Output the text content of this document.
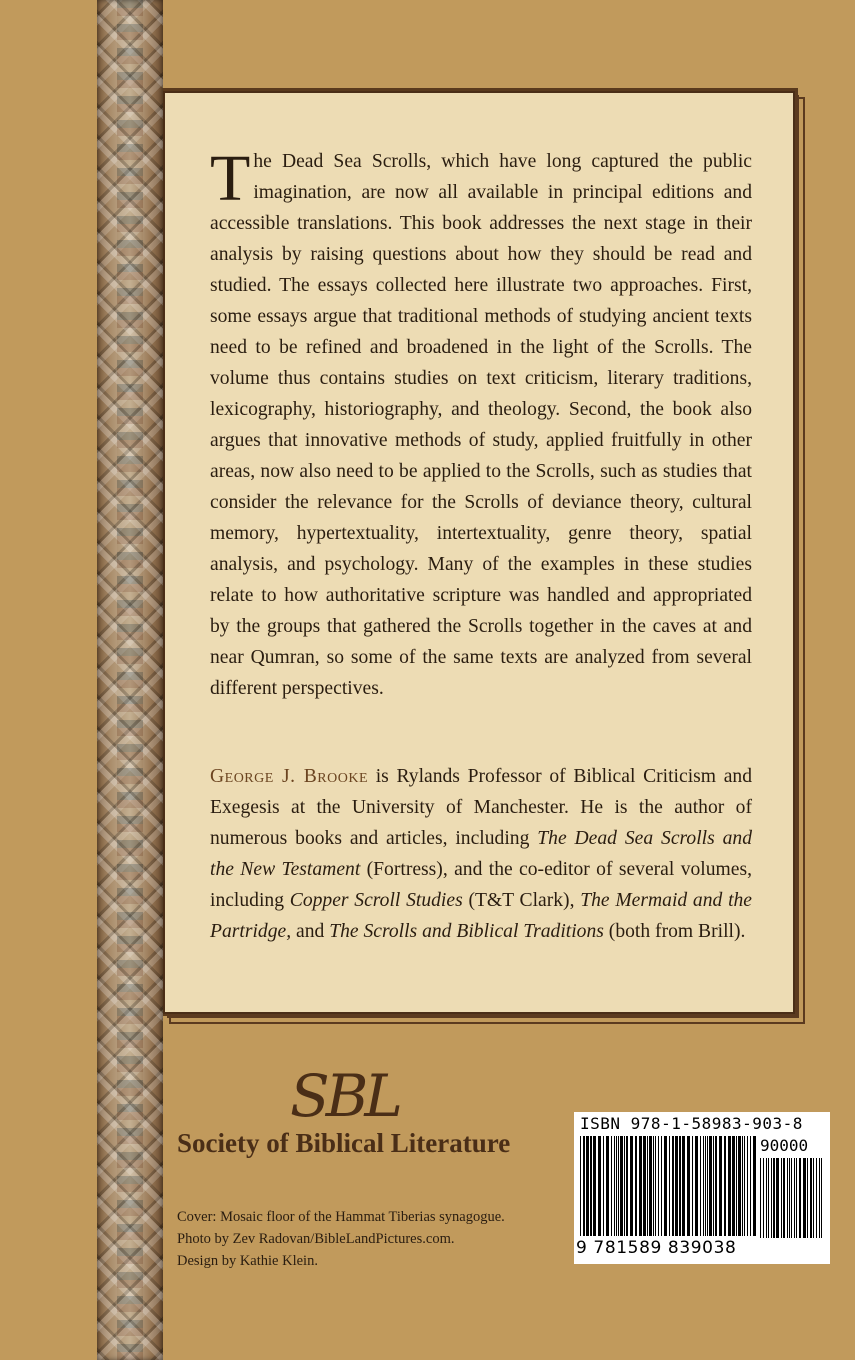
The Dead Sea Scrolls, which have long captured the public imagination, are now all available in principal editions and accessible translations. This book addresses the next stage in their analysis by raising questions about how they should be read and studied. The essays collected here illustrate two approaches. First, some essays argue that traditional methods of studying ancient texts need to be refined and broadened in the light of the Scrolls. The volume thus contains studies on text criticism, literary traditions, lexicography, historiography, and theology. Second, the book also argues that innovative methods of study, applied fruitfully in other areas, now also need to be applied to the Scrolls, such as studies that consider the relevance for the Scrolls of deviance theory, cultural memory, hypertextuality, intertextuality, genre theory, spatial analysis, and psychology. Many of the examples in these studies relate to how authoritative scripture was handled and appropriated by the groups that gathered the Scrolls together in the caves at and near Qumran, so some of the same texts are analyzed from several different perspectives.

George J. Brooke is Rylands Professor of Biblical Criticism and Exegesis at the University of Manchester. He is the author of numerous books and articles, including The Dead Sea Scrolls and the New Testament (Fortress), and the co-editor of several volumes, including Copper Scroll Studies (T&T Clark), The Mermaid and the Partridge, and The Scrolls and Biblical Traditions (both from Brill).

SBL
Society of Biblical Literature

Cover: Mosaic floor of the Hammat Tiberias synagogue.
Photo by Zev Radovan/BibleLandPictures.com.
Design by Kathie Klein.

ISBN 978-1-58983-903-8
90000
9 781589 839038
